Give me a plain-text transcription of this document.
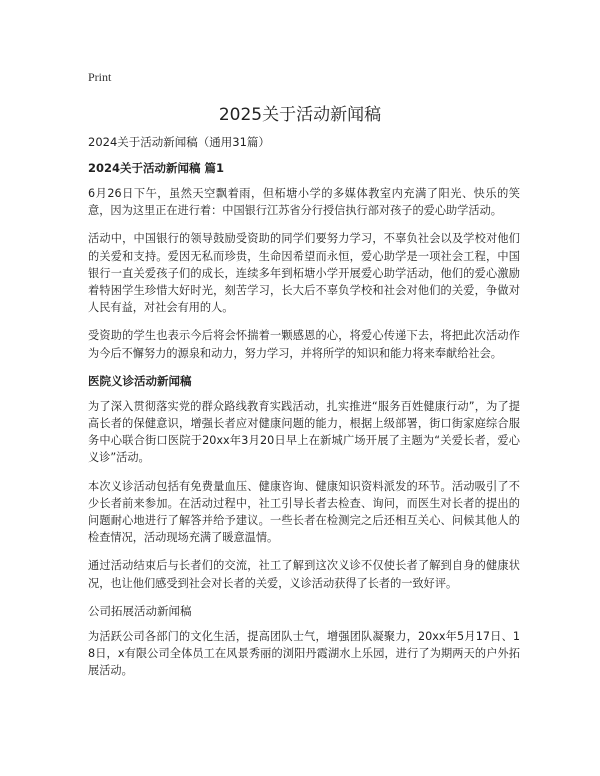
Print
2025关于活动新闻稿

2024关于活动新闻稿（通用31篇）

2024关于活动新闻稿 篇1

6月26日下午，虽然天空飘着雨，但柘塘小学的多媒体教室内充满了阳光、快乐的笑意，因为这里正在进行着：中国银行江苏省分行授信执行部对孩子的爱心助学活动。

活动中，中国银行的领导鼓励受资助的同学们要努力学习，不辜负社会以及学校对他们的关爱和支持。爱因无私而珍贵，生命因希望而永恒，爱心助学是一项社会工程，中国银行一直关爱孩子们的成长，连续多年到柘塘小学开展爱心助学活动，他们的爱心激励着特困学生珍惜大好时光，刻苦学习，长大后不辜负学校和社会对他们的关爱，争做对人民有益，对社会有用的人。

受资助的学生也表示今后将会怀揣着一颗感恩的心，将爱心传递下去，将把此次活动作为今后不懈努力的源泉和动力，努力学习，并将所学的知识和能力将来奉献给社会。

医院义诊活动新闻稿

为了深入贯彻落实党的群众路线教育实践活动，扎实推进“服务百姓健康行动”，为了提高长者的保健意识，增强长者应对健康问题的能力，根据上级部署，街口街家庭综合服务中心联合街口医院于20xx年3月20日早上在新城广场开展了主题为“关爱长者，爱心义诊”活动。

本次义诊活动包括有免费量血压、健康咨询、健康知识资料派发的环节。活动吸引了不少长者前来参加。在活动过程中，社工引导长者去检查、询问，而医生对长者的提出的问题耐心地进行了解答并给予建议。一些长者在检测完之后还相互关心、问候其他人的检查情况，活动现场充满了暖意温情。

通过活动结束后与长者们的交流，社工了解到这次义诊不仅使长者了解到自身的健康状况，也让他们感受到社会对长者的关爱，义诊活动获得了长者的一致好评。

公司拓展活动新闻稿

为活跃公司各部门的文化生活，提高团队士气，增强团队凝聚力，20xx年5月17日、18日，x有限公司全体员工在风景秀丽的浏阳丹霞湖水上乐园，进行了为期两天的户外拓展活动。
